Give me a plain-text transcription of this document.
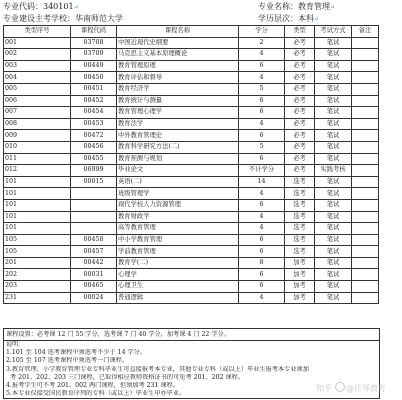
专业代码：340101↵	专业名称：教育管理↵
专业建设主考学校：华南师范大学	学历层次：本科↵
类型序号	课程代码	课程名称	学分	类型	考试方式	备注
001	03708	中国近现代史纲要	2	必考	笔试	
002	03709	马克思主义基本原理概论	4	必考	笔试	
003	00449	教育管理原理	6	必考	笔试	
004	00450	教育评估和督导	4	必考	笔试	
005	00451	教育经济学	5	必考	笔试	
006	00452	教育统计与测量	6	必考	笔试	
007	00454	教育管理心理学	6	必考	笔试	
008	00453	教育法学	4	必考	笔试	
009	00472	中外教育管理史	6	必考	笔试	
010	00456	教育科学研究方法(二)	5	必考	笔试	
011	00455	教育预测与规划	6	必考	笔试	
012	06999	毕业论文	不计学分	必考	实践考核	
101	00015	英语(二)	14	选考	笔试	
101		班级管理学	4	选考	笔试	
101		现代学校人力资源管理	6	选考	笔试	
101		教育财政学	4	选考	笔试	
101		高等教育管理	4	选考	笔试	
105	00458	中小学教育管理	6	选考	笔试	
105	00457	学前教育管理	6	选考	笔试	
201	00442	教育学(二)	8	加考	笔试	
202	00031	心理学	6	加考	笔试	
203	00465	心理卫生	6	加考	笔试	
231	00024	普通逻辑	4	加考	笔试	
课程设置：必考课 12 门 55 学分，选考课 7 门 40 学分，加考课 4 门 22 学分。
说明：
1.101 至 104 选考课程中须选考不少于 14 学分。
2.105 至 107 选考课程中须选考一门课程。
3.教育管理、小学教育管理专业专科毕业生可直接报考本专业，其他专业专科（或以上）毕业生报考本专业须加
考 201、202、203 三门课程，已取得相应教师资格证书的可免考 201、202 课程。
4.报考学生可不考 201、002 两门课程，但须加考 231 课程。
5.本专业仅接受国民教育序列的专科（或以上）毕业生申办毕业。
知乎 @佳琴教育
